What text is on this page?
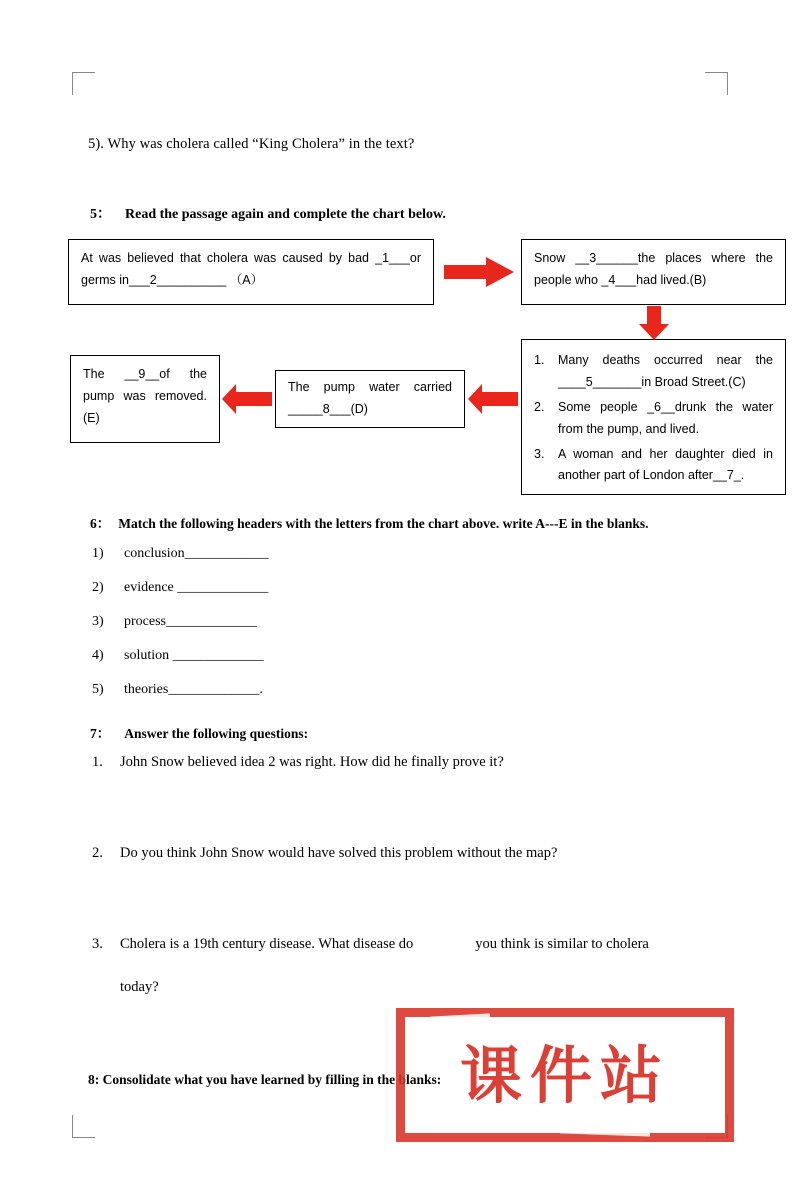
5). Why was cholera called “King Cholera” in the text?
5： Read the passage again and complete the chart below.
At was believed that cholera was caused by bad _1___or germs in___2__________ （A）
Snow __3______the places where the people who _4___had lived.(B)
1.	Many deaths occurred near the ____5_______in Broad Street.(C)
2.	Some people _6__drunk the water from the pump, and lived.
3.	A woman and her daughter died in another part of London after__7_.
The pump water carried _____8___(D)
The __9__of the pump was removed.(E)
6： Match the following headers with the letters from the chart above. write A---E in the blanks.
1)	conclusion____________
2)	evidence _____________
3)	process_____________
4)	solution _____________
5)	theories_____________.
7： Answer the following questions:
1.	John Snow believed idea 2 was right. How did he finally prove it?
2.	Do you think John Snow would have solved this problem without the map?
3.	Cholera is a 19th century disease. What disease do	you think is similar to cholera
today?
8: Consolidate what you have learned by filling in the blanks: 课件站
